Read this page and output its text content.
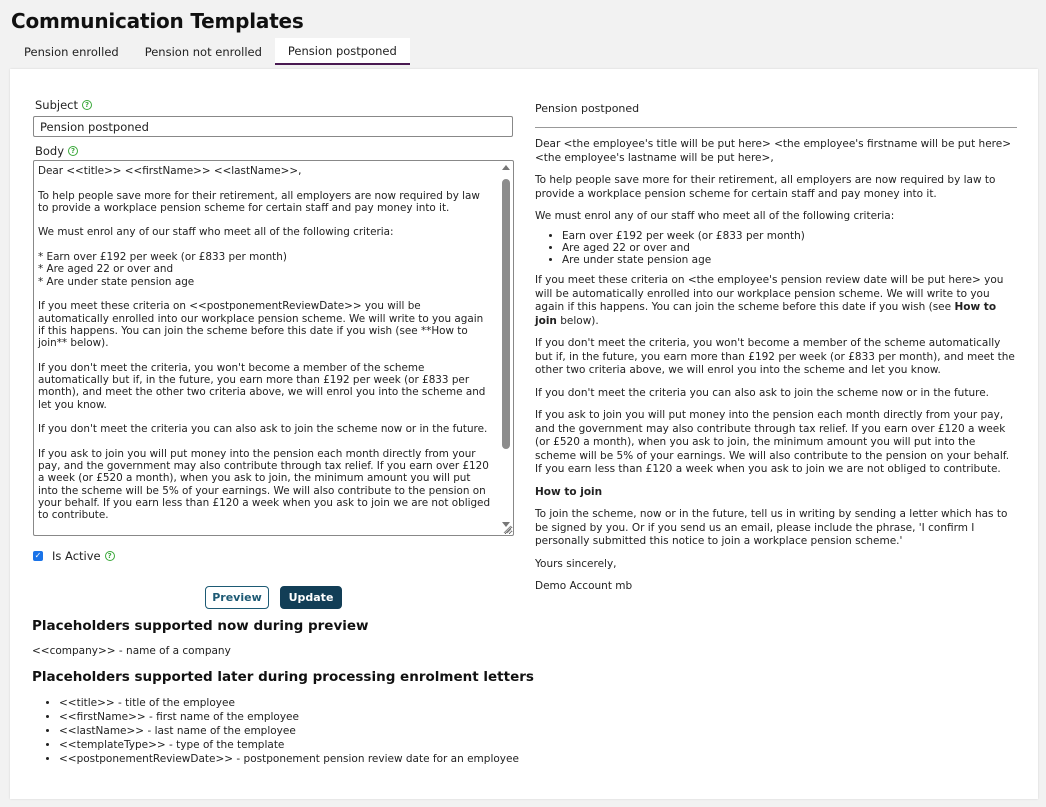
Communication Templates
Pension enrolled	Pension not enrolled	Pension postponed
Subject ?
Pension postponed
Body ?
Dear <<title>> <<firstName>> <<lastName>>,

To help people save more for their retirement, all employers are now required by law to provide a workplace pension scheme for certain staff and pay money into it.

We must enrol any of our staff who meet all of the following criteria:

* Earn over £192 per week (or £833 per month)
* Are aged 22 or over and
* Are under state pension age

If you meet these criteria on <<postponementReviewDate>> you will be automatically enrolled into our workplace pension scheme. We will write to you again if this happens. You can join the scheme before this date if you wish (see **How to join** below).

If you don't meet the criteria, you won't become a member of the scheme automatically but if, in the future, you earn more than £192 per week (or £833 per month), and meet the other two criteria above, we will enrol you into the scheme and let you know.

If you don't meet the criteria you can also ask to join the scheme now or in the future.

If you ask to join you will put money into the pension each month directly from your pay, and the government may also contribute through tax relief. If you earn over £120 a week (or £520 a month), when you ask to join, the minimum amount you will put into the scheme will be 5% of your earnings. We will also contribute to the pension on your behalf. If you earn less than £120 a week when you ask to join we are not obliged to contribute.

✓ Is Active ?
Preview	Update
Placeholders supported now during preview
<<company>> - name of a company
Placeholders supported later during processing enrolment letters
• <<title>> - title of the employee
• <<firstName>> - first name of the employee
• <<lastName>> - last name of the employee
• <<templateType>> - type of the template
• <<postponementReviewDate>> - postponement pension review date for an employee
Pension postponed

Dear <the employee's title will be put here> <the employee's firstname will be put here> <the employee's lastname will be put here>,

To help people save more for their retirement, all employers are now required by law to provide a workplace pension scheme for certain staff and pay money into it.

We must enrol any of our staff who meet all of the following criteria:

• Earn over £192 per week (or £833 per month)
• Are aged 22 or over and
• Are under state pension age

If you meet these criteria on <the employee's pension review date will be put here> you will be automatically enrolled into our workplace pension scheme. We will write to you again if this happens. You can join the scheme before this date if you wish (see How to join below).

If you don't meet the criteria, you won't become a member of the scheme automatically but if, in the future, you earn more than £192 per week (or £833 per month), and meet the other two criteria above, we will enrol you into the scheme and let you know.

If you don't meet the criteria you can also ask to join the scheme now or in the future.

If you ask to join you will put money into the pension each month directly from your pay, and the government may also contribute through tax relief. If you earn over £120 a week (or £520 a month), when you ask to join, the minimum amount you will put into the scheme will be 5% of your earnings. We will also contribute to the pension on your behalf. If you earn less than £120 a week when you ask to join we are not obliged to contribute.

How to join

To join the scheme, now or in the future, tell us in writing by sending a letter which has to be signed by you. Or if you send us an email, please include the phrase, 'I confirm I personally submitted this notice to join a workplace pension scheme.'

Yours sincerely,

Demo Account mb
